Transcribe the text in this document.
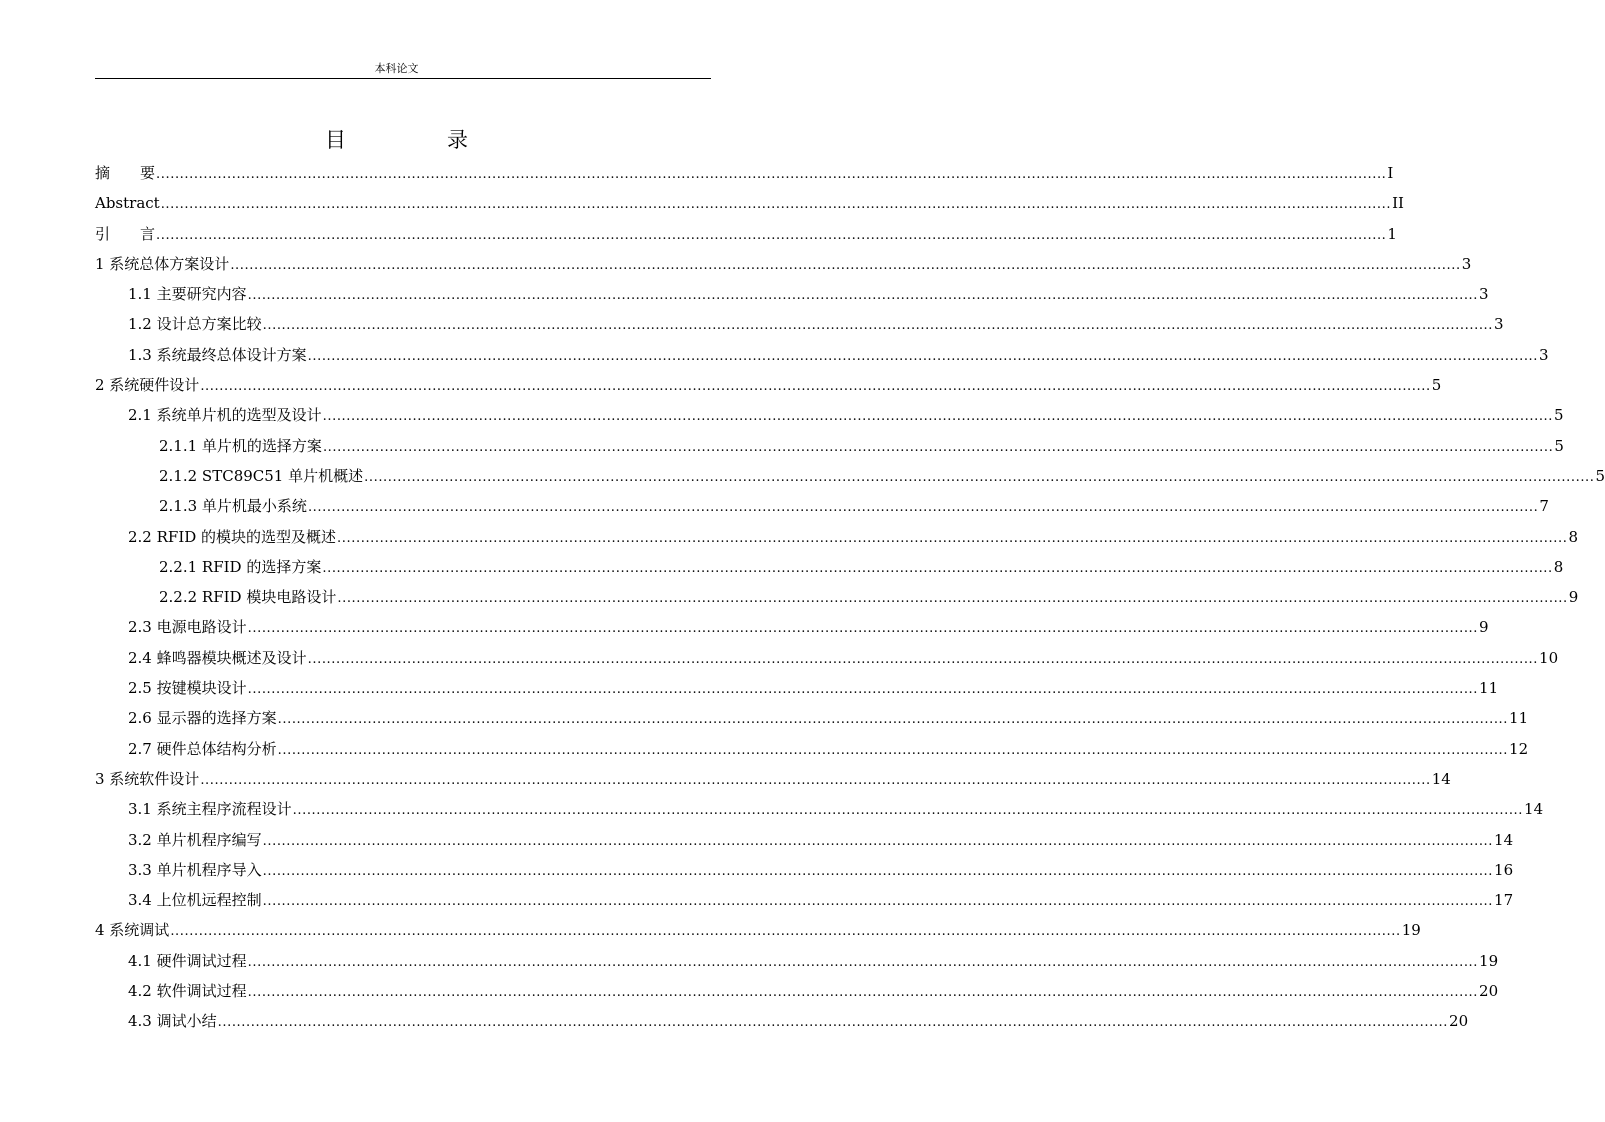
本科论文
目　录
摘　　要 .................................................................................................................................................................................................................................................................... I
Abstract .................................................................................................................................................................................................................................................................... II
引　　言 .................................................................................................................................................................................................................................................................... 1
1 系统总体方案设计 .................................................................................................................................................................................................................................................................... 3
1.1 主要研究内容 .................................................................................................................................................................................................................................................................... 3
1.2 设计总方案比较 .................................................................................................................................................................................................................................................................... 3
1.3 系统最终总体设计方案 .................................................................................................................................................................................................................................................................... 3
2 系统硬件设计 .................................................................................................................................................................................................................................................................... 5
2.1 系统单片机的选型及设计 .................................................................................................................................................................................................................................................................... 5
2.1.1 单片机的选择方案 .................................................................................................................................................................................................................................................................... 5
2.1.2 STC89C51 单片机概述 .................................................................................................................................................................................................................................................................... 5
2.1.3 单片机最小系统 .................................................................................................................................................................................................................................................................... 7
2.2 RFID 的模块的选型及概述 .................................................................................................................................................................................................................................................................... 8
2.2.1 RFID 的选择方案 .................................................................................................................................................................................................................................................................... 8
2.2.2 RFID 模块电路设计 .................................................................................................................................................................................................................................................................... 9
2.3 电源电路设计 .................................................................................................................................................................................................................................................................... 9
2.4 蜂鸣器模块概述及设计 .................................................................................................................................................................................................................................................................... 10
2.5 按键模块设计 .................................................................................................................................................................................................................................................................... 11
2.6 显示器的选择方案 .................................................................................................................................................................................................................................................................... 11
2.7 硬件总体结构分析 .................................................................................................................................................................................................................................................................... 12
3 系统软件设计 .................................................................................................................................................................................................................................................................... 14
3.1 系统主程序流程设计 .................................................................................................................................................................................................................................................................... 14
3.2 单片机程序编写 .................................................................................................................................................................................................................................................................... 14
3.3 单片机程序导入 .................................................................................................................................................................................................................................................................... 16
3.4 上位机远程控制 .................................................................................................................................................................................................................................................................... 17
4 系统调试 .................................................................................................................................................................................................................................................................... 19
4.1 硬件调试过程 .................................................................................................................................................................................................................................................................... 19
4.2 软件调试过程 .................................................................................................................................................................................................................................................................... 20
4.3 调试小结 .................................................................................................................................................................................................................................................................... 20
